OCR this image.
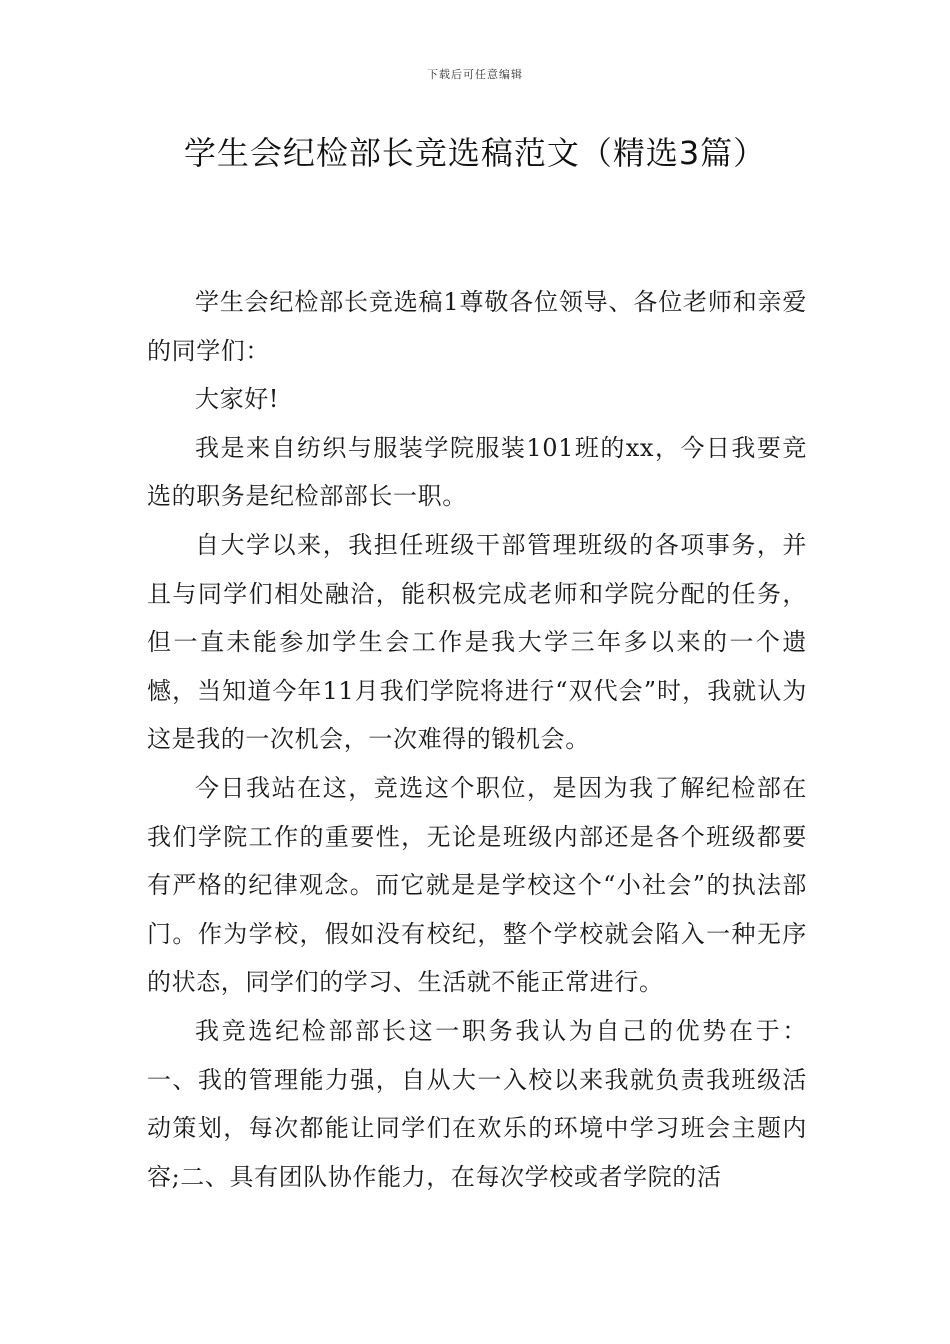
下载后可任意编辑
学生会纪检部长竞选稿范文（精选3篇）

学生会纪检部长竞选稿1尊敬各位领导、各位老师和亲爱的同学们：

大家好!

我是来自纺织与服装学院服装101班的xx，今日我要竞选的职务是纪检部部长一职。

自大学以来，我担任班级干部管理班级的各项事务，并且与同学们相处融洽，能积极完成老师和学院分配的任务，但一直未能参加学生会工作是我大学三年多以来的一个遗憾，当知道今年11月我们学院将进行“双代会”时，我就认为这是我的一次机会，一次难得的锻机会。

今日我站在这，竞选这个职位，是因为我了解纪检部在我们学院工作的重要性，无论是班级内部还是各个班级都要有严格的纪律观念。而它就是是学校这个“小社会”的执法部门。作为学校，假如没有校纪，整个学校就会陷入一种无序的状态，同学们的学习、生活就不能正常进行。

我竞选纪检部部长这一职务我认为自己的优势在于：一、我的管理能力强，自从大一入校以来我就负责我班级活动策划，每次都能让同学们在欢乐的环境中学习班会主题内容;二、具有团队协作能力，在每次学校或者学院的活
